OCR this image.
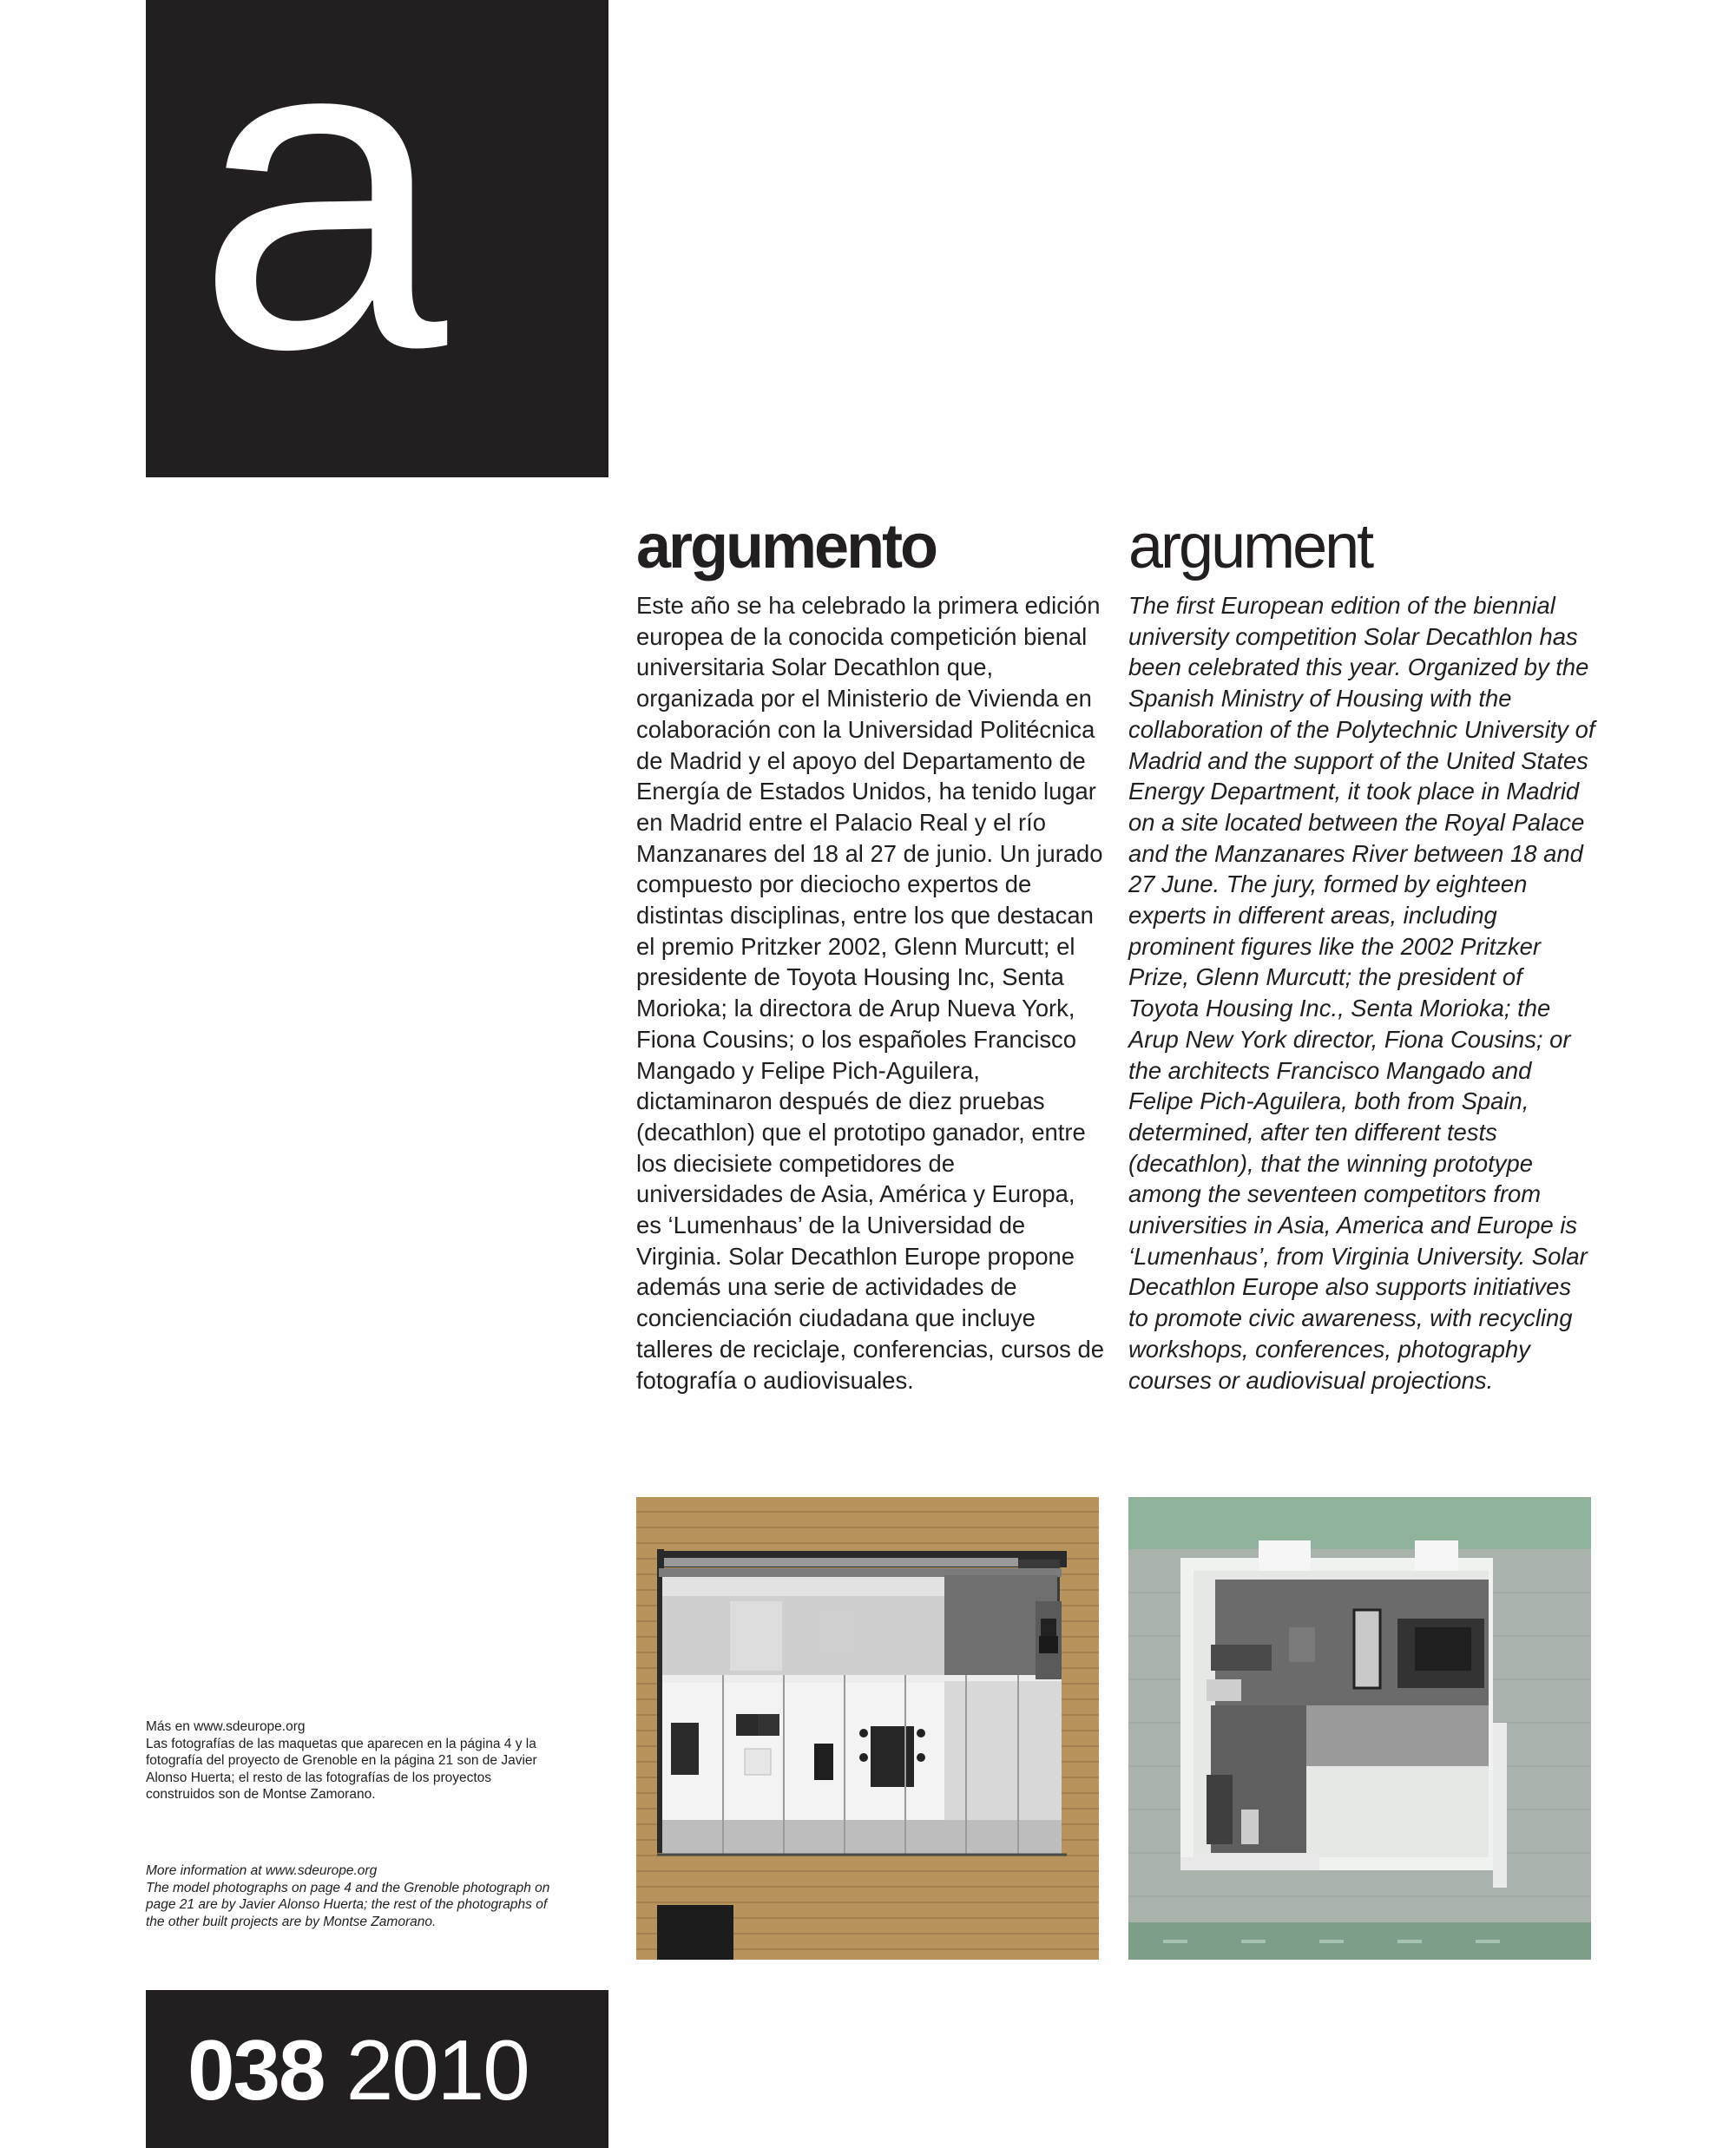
a
argumento

Este año se ha celebrado la primera edición europea de la conocida competición bienal universitaria Solar Decathlon que, organizada por el Ministerio de Vivienda en colaboración con la Universidad Politécnica de Madrid y el apoyo del Departamento de Energía de Estados Unidos, ha tenido lugar en Madrid entre el Palacio Real y el río Manzanares del 18 al 27 de junio. Un jurado compuesto por dieciocho expertos de distintas disciplinas, entre los que destacan el premio Pritzker 2002, Glenn Murcutt; el presidente de Toyota Housing Inc, Senta Morioka; la directora de Arup Nueva York, Fiona Cousins; o los españoles Francisco Mangado y Felipe Pich-Aguilera, dictaminaron después de diez pruebas (decathlon) que el prototipo ganador, entre los diecisiete competidores de universidades de Asia, América y Europa, es ‘Lumenhaus’ de la Universidad de Virginia. Solar Decathlon Europe propone además una serie de actividades de concienciación ciudadana que incluye talleres de reciclaje, conferencias, cursos de fotografía o audiovisuales.

argument

The first European edition of the biennial university competition Solar Decathlon has been celebrated this year. Organized by the Spanish Ministry of Housing with the collaboration of the Polytechnic University of Madrid and the support of the United States Energy Department, it took place in Madrid on a site located between the Royal Palace and the Manzanares River between 18 and 27 June. The jury, formed by eighteen experts in different areas, including prominent figures like the 2002 Pritzker Prize, Glenn Murcutt; the president of Toyota Housing Inc., Senta Morioka; the Arup New York director, Fiona Cousins; or the architects Francisco Mangado and Felipe Pich-Aguilera, both from Spain, determined, after ten different tests (decathlon), that the winning prototype among the seventeen competitors from universities in Asia, America and Europe is ‘Lumenhaus’, from Virginia University. Solar Decathlon Europe also supports initiatives to promote civic awareness, with recycling workshops, conferences, photography courses or audiovisual projections.

Más en www.sdeurope.org

Las fotografías de las maquetas que aparecen en la página 4 y la fotografía del proyecto de Grenoble en la página 21 son de Javier Alonso Huerta; el resto de las fotografías de los proyectos construidos son de Montse Zamorano.

More information at www.sdeurope.org

The model photographs on page 4 and the Grenoble photograph on page 21 are by Javier Alonso Huerta; the rest of the photographs of the other built projects are by Montse Zamorano.

038 2010
